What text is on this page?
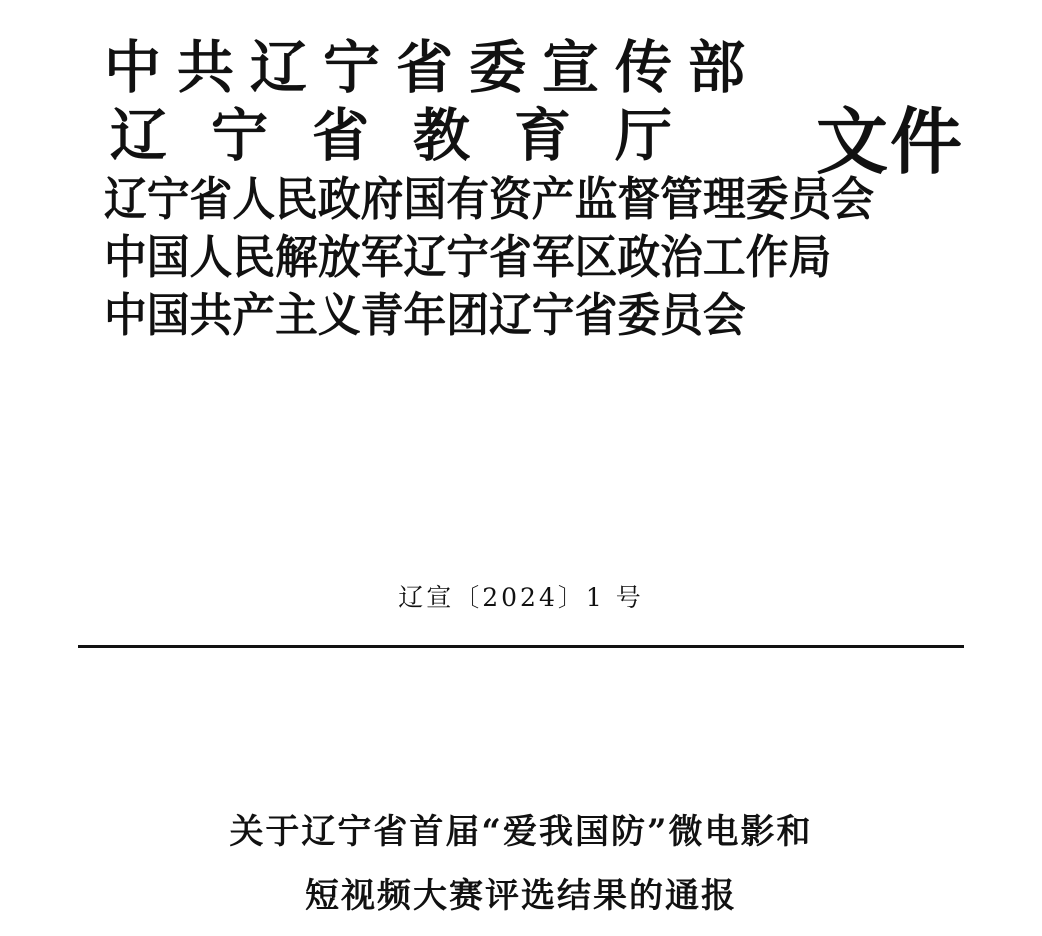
中共辽宁省委宣传部
辽宁省教育厅
辽宁省人民政府国有资产监督管理委员会
中国人民解放军辽宁省军区政治工作局
中国共产主义青年团辽宁省委员会
文件
辽宣〔2024〕1 号
关于辽宁省首届“爱我国防”微电影和
短视频大赛评选结果的通报
